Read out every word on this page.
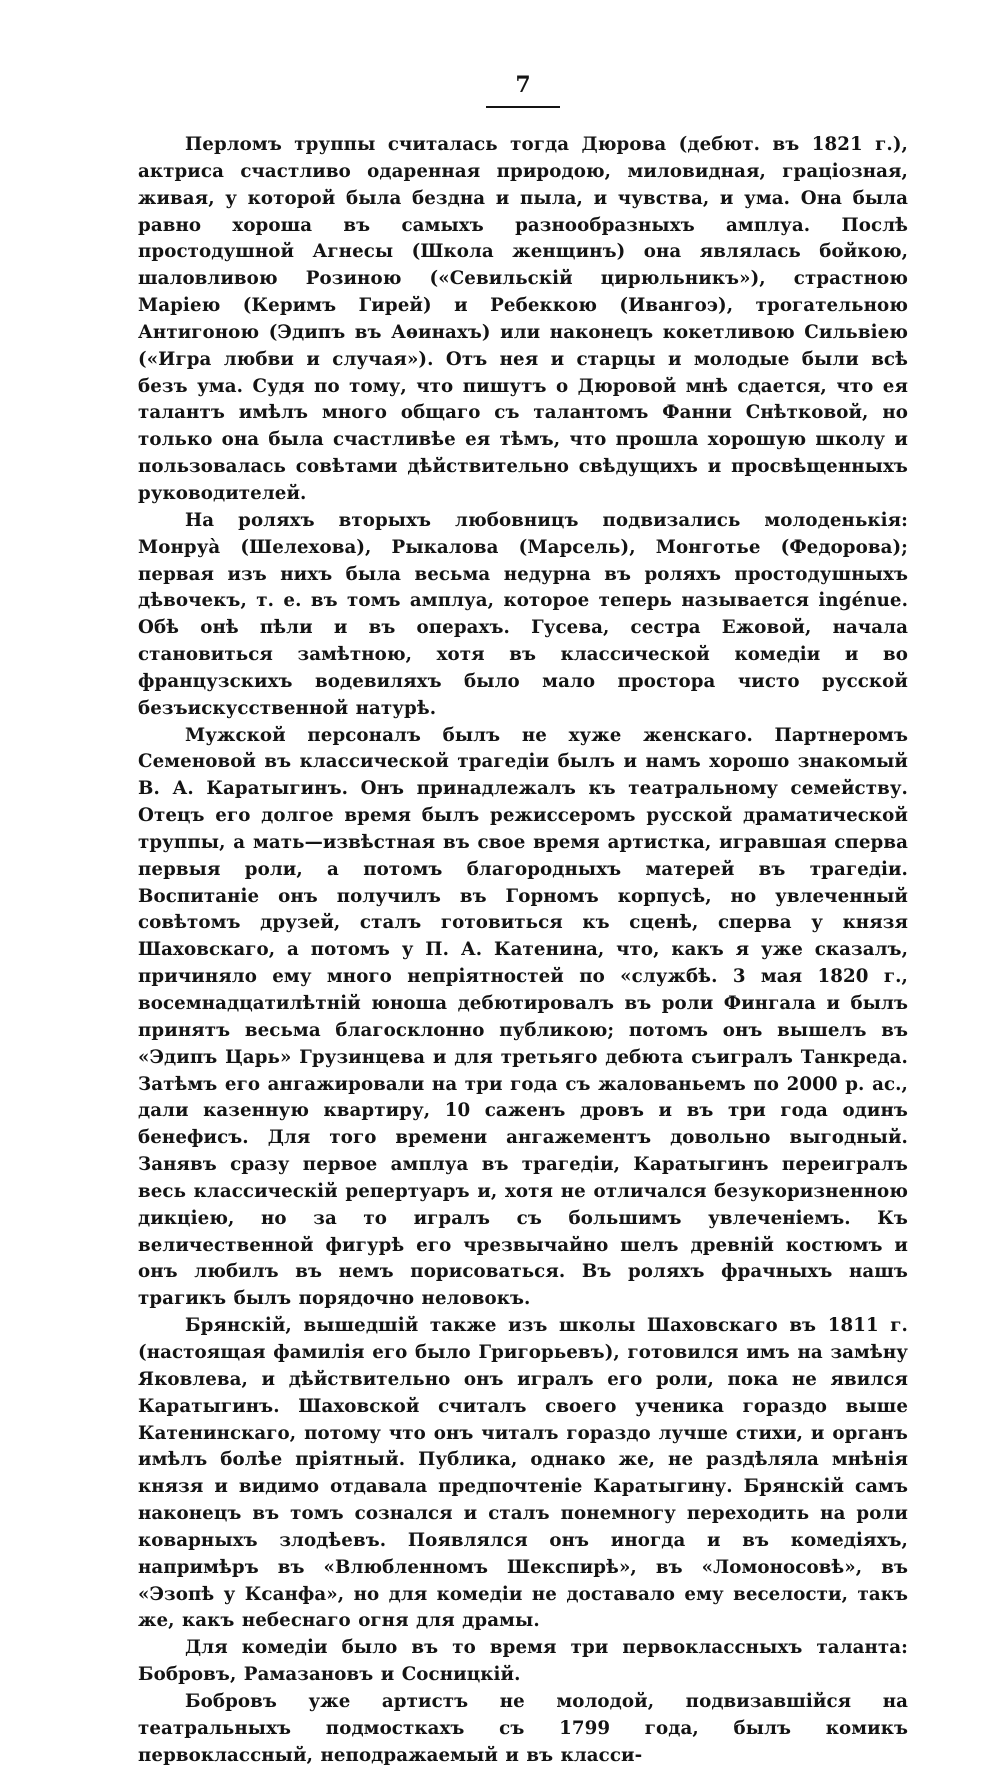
7

Перломъ труппы считалась тогда Дюрова (дебют. въ 1821 г.), актриса счастливо одаренная природою, миловидная, граціозная, живая, у которой была бездна и пыла, и чувства, и ума. Она была равно хороша въ самыхъ разнообразныхъ амплуа. Послѣ простодушной Агнесы (Школа женщинъ) она являлась бойкою, шаловливою Розиною («Севильскій цирюльникъ»), страстною Маріею (Керимъ Гирей) и Ребеккою (Ивангоэ), трогательною Антигоною (Эдипъ въ Аѳинахъ) или наконецъ кокетливою Сильвіею («Игра любви и случая»). Отъ нея и старцы и молодые были всѣ безъ ума. Судя по тому, что пишутъ о Дюровой мнѣ сдается, что ея талантъ имѣлъ много общаго съ талантомъ Фанни Снѣтковой, но только она была счастливѣе ея тѣмъ, что прошла хорошую школу и пользовалась совѣтами дѣйствительно свѣдущихъ и просвѣщенныхъ руководителей.

На роляхъ вторыхъ любовницъ подвизались молоденькія: Монруà (Шелехова), Рыкалова (Марсель), Монготье (Федорова); первая изъ нихъ была весьма недурна въ роляхъ простодушныхъ дѣвочекъ, т. е. въ томъ амплуа, которое теперь называется ingénue. Обѣ онѣ пѣли и въ операхъ. Гусева, сестра Ежовой, начала становиться замѣтною, хотя въ классической комедіи и во французскихъ водевиляхъ было мало простора чисто русской безъискусственной натурѣ.

Мужской персоналъ былъ не хуже женскаго. Партнеромъ Семеновой въ классической трагедіи былъ и намъ хорошо знакомый В. А. Каратыгинъ. Онъ принадлежалъ къ театральному семейству. Отецъ его долгое время былъ режиссеромъ русской драматической труппы, а мать—извѣстная въ свое время артистка, игравшая сперва первыя роли, а потомъ благородныхъ матерей въ трагедіи. Воспитаніе онъ получилъ въ Горномъ корпусѣ, но увлеченный совѣтомъ друзей, сталъ готовиться къ сценѣ, сперва у князя Шаховскаго, а потомъ у П. А. Катенина, что, какъ я уже сказалъ, причиняло ему много непріятностей по «службѣ. 3 мая 1820 г., восемнадцатилѣтній юноша дебютировалъ въ роли Фингала и былъ принятъ весьма благосклонно публикою; потомъ онъ вышелъ въ «Эдипъ Царь» Грузинцева и для третьяго дебюта съигралъ Танкреда. Затѣмъ его ангажировали на три года съ жалованьемъ по 2000 р. ас., дали казенную квартиру, 10 саженъ дровъ и въ три года одинъ бенефисъ. Для того времени ангажементъ довольно выгодный. Занявъ сразу первое амплуа въ трагедіи, Каратыгинъ переигралъ весь классическій репертуаръ и, хотя не отличался безукоризненною дикціею, но за то игралъ съ большимъ увлеченіемъ. Къ величественной фигурѣ его чрезвычайно шелъ древній костюмъ и онъ любилъ въ немъ порисоваться. Въ роляхъ фрачныхъ нашъ трагикъ былъ порядочно неловокъ.

Брянскій, вышедшій также изъ школы Шаховскаго въ 1811 г. (настоящая фамилія его было Григорьевъ), готовился имъ на замѣну Яковлева, и дѣйствительно онъ игралъ его роли, пока не явился Каратыгинъ. Шаховской считалъ своего ученика гораздо выше Катенинскаго, потому что онъ читалъ гораздо лучше стихи, и органъ имѣлъ болѣе пріятный. Публика, однако же, не раздѣляла мнѣнія князя и видимо отдавала предпочтеніе Каратыгину. Брянскій самъ наконецъ въ томъ сознался и сталъ понемногу переходить на роли коварныхъ злодѣевъ. Появлялся онъ иногда и въ комедіяхъ, напримѣръ въ «Влюбленномъ Шекспирѣ», въ «Ломоносовѣ», въ «Эзопѣ у Ксанфа», но для комедіи не доставало ему веселости, такъ же, какъ небеснаго огня для драмы.

Для комедіи было въ то время три первоклассныхъ таланта: Бобровъ, Рамазановъ и Сосницкій.

Бобровъ уже артистъ не молодой, подвизавшійся на театральныхъ подмосткахъ съ 1799 года, былъ комикъ первоклассный, неподражаемый и въ класси-
